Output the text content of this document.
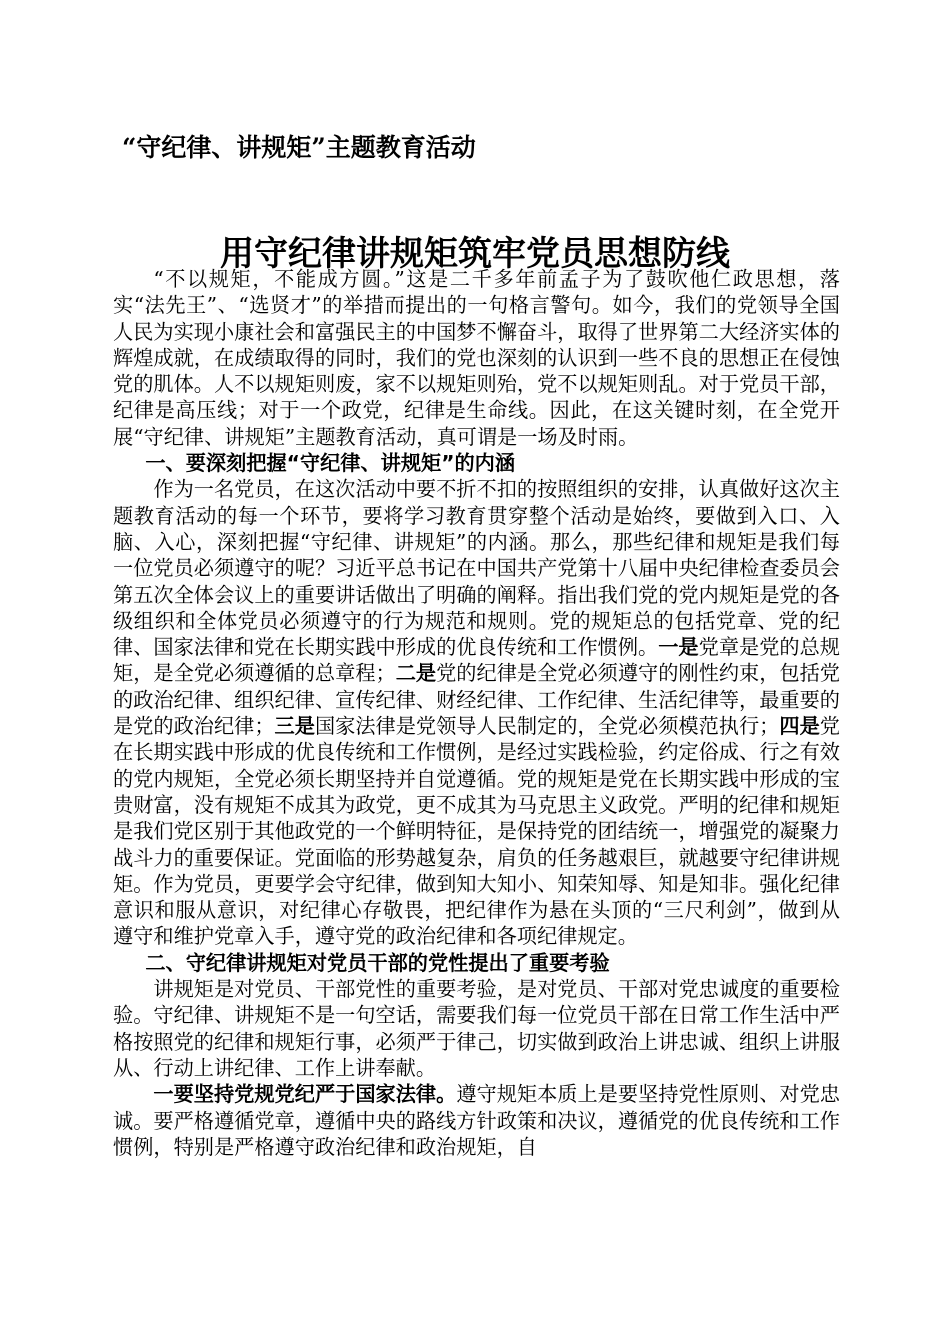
“守纪律、讲规矩”主题教育活动
用守纪律讲规矩筑牢党员思想防线

“不以规矩，不能成方圆。”这是二千多年前孟子为了鼓吹他仁政思想，落实“法先王”、“选贤才”的举措而提出的一句格言警句。如今，我们的党领导全国人民为实现小康社会和富强民主的中国梦不懈奋斗，取得了世界第二大经济实体的辉煌成就，在成绩取得的同时，我们的党也深刻的认识到一些不良的思想正在侵蚀党的肌体。人不以规矩则废，家不以规矩则殆，党不以规矩则乱。对于党员干部，纪律是高压线；对于一个政党，纪律是生命线。因此，在这关键时刻，在全党开展“守纪律、讲规矩”主题教育活动，真可谓是一场及时雨。

一、要深刻把握“守纪律、讲规矩”的内涵

作为一名党员，在这次活动中要不折不扣的按照组织的安排，认真做好这次主题教育活动的每一个环节，要将学习教育贯穿整个活动是始终，要做到入口、入脑、入心，深刻把握“守纪律、讲规矩”的内涵。那么，那些纪律和规矩是我们每一位党员必须遵守的呢？习近平总书记在中国共产党第十八届中央纪律检查委员会第五次全体会议上的重要讲话做出了明确的阐释。指出我们党的党内规矩是党的各级组织和全体党员必须遵守的行为规范和规则。党的规矩总的包括党章、党的纪律、国家法律和党在长期实践中形成的优良传统和工作惯例。一是党章是党的总规矩，是全党必须遵循的总章程；二是党的纪律是全党必须遵守的刚性约束，包括党的政治纪律、组织纪律、宣传纪律、财经纪律、工作纪律、生活纪律等，最重要的是党的政治纪律；三是国家法律是党领导人民制定的，全党必须模范执行；四是党在长期实践中形成的优良传统和工作惯例，是经过实践检验，约定俗成、行之有效的党内规矩，全党必须长期坚持并自觉遵循。党的规矩是党在长期实践中形成的宝贵财富，没有规矩不成其为政党，更不成其为马克思主义政党。严明的纪律和规矩是我们党区别于其他政党的一个鲜明特征，是保持党的团结统一，增强党的凝聚力战斗力的重要保证。党面临的形势越复杂，肩负的任务越艰巨，就越要守纪律讲规矩。作为党员，更要学会守纪律，做到知大知小、知荣知辱、知是知非。强化纪律意识和服从意识，对纪律心存敬畏，把纪律作为悬在头顶的“三尺利剑”，做到从遵守和维护党章入手，遵守党的政治纪律和各项纪律规定。

二、守纪律讲规矩对党员干部的党性提出了重要考验

讲规矩是对党员、干部党性的重要考验，是对党员、干部对党忠诚度的重要检验。守纪律、讲规矩不是一句空话，需要我们每一位党员干部在日常工作生活中严格按照党的纪律和规矩行事，必须严于律己，切实做到政治上讲忠诚、组织上讲服从、行动上讲纪律、工作上讲奉献。

一要坚持党规党纪严于国家法律。遵守规矩本质上是要坚持党性原则、对党忠诚。要严格遵循党章，遵循中央的路线方针政策和决议，遵循党的优良传统和工作惯例，特别是严格遵守政治纪律和政治规矩，自
